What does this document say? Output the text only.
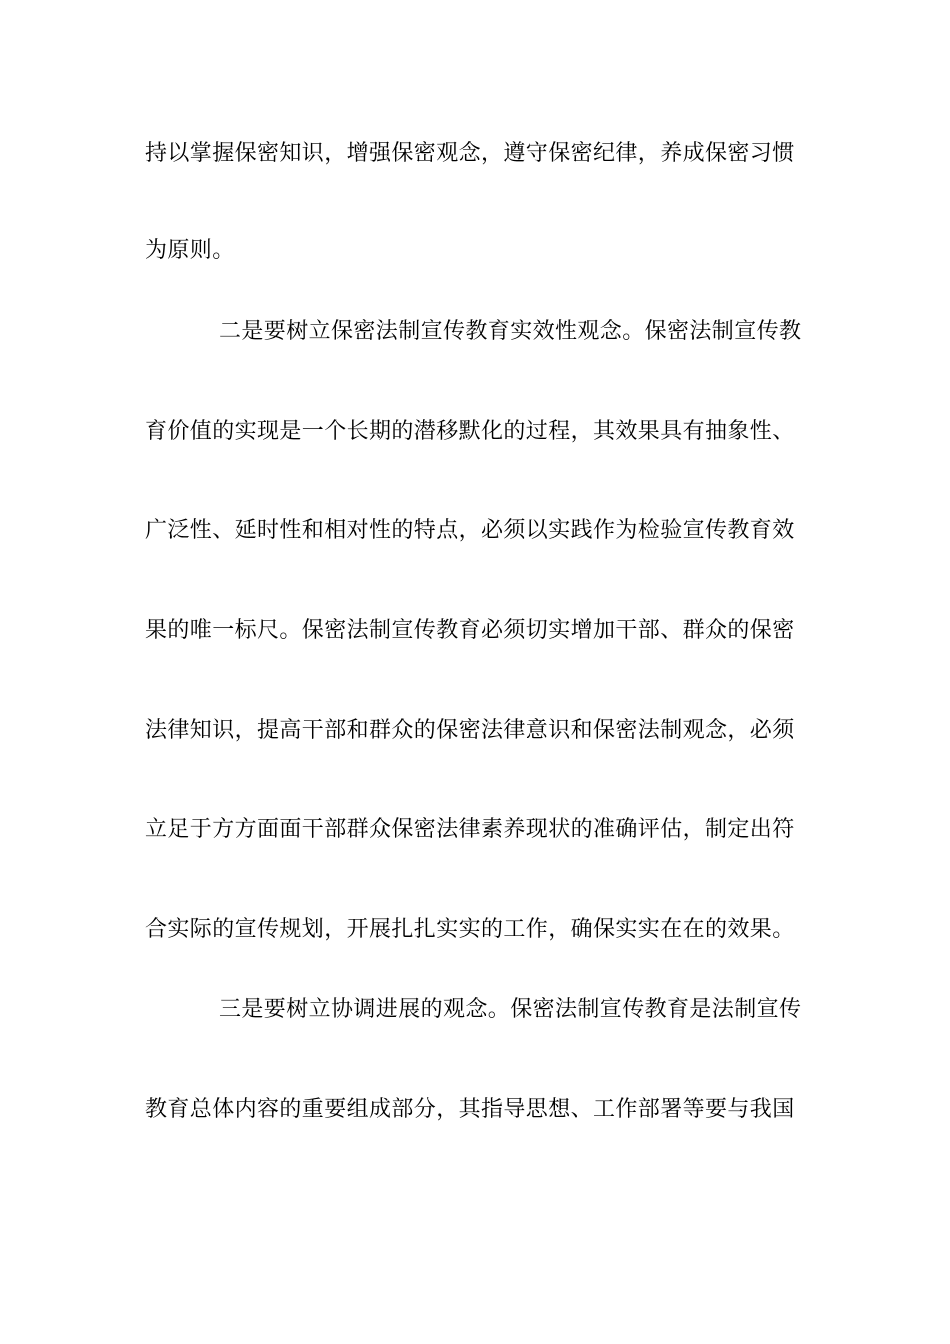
持以掌握保密知识，增强保密观念，遵守保密纪律，养成保密习惯
为原则。
二是要树立保密法制宣传教育实效性观念。保密法制宣传教
育价值的实现是一个长期的潜移默化的过程，其效果具有抽象性、
广泛性、延时性和相对性的特点，必须以实践作为检验宣传教育效
果的唯一标尺。保密法制宣传教育必须切实增加干部、群众的保密
法律知识，提高干部和群众的保密法律意识和保密法制观念，必须
立足于方方面面干部群众保密法律素养现状的准确评估，制定出符
合实际的宣传规划，开展扎扎实实的工作，确保实实在在的效果。
三是要树立协调进展的观念。保密法制宣传教育是法制宣传
教育总体内容的重要组成部分，其指导思想、工作部署等要与我国
